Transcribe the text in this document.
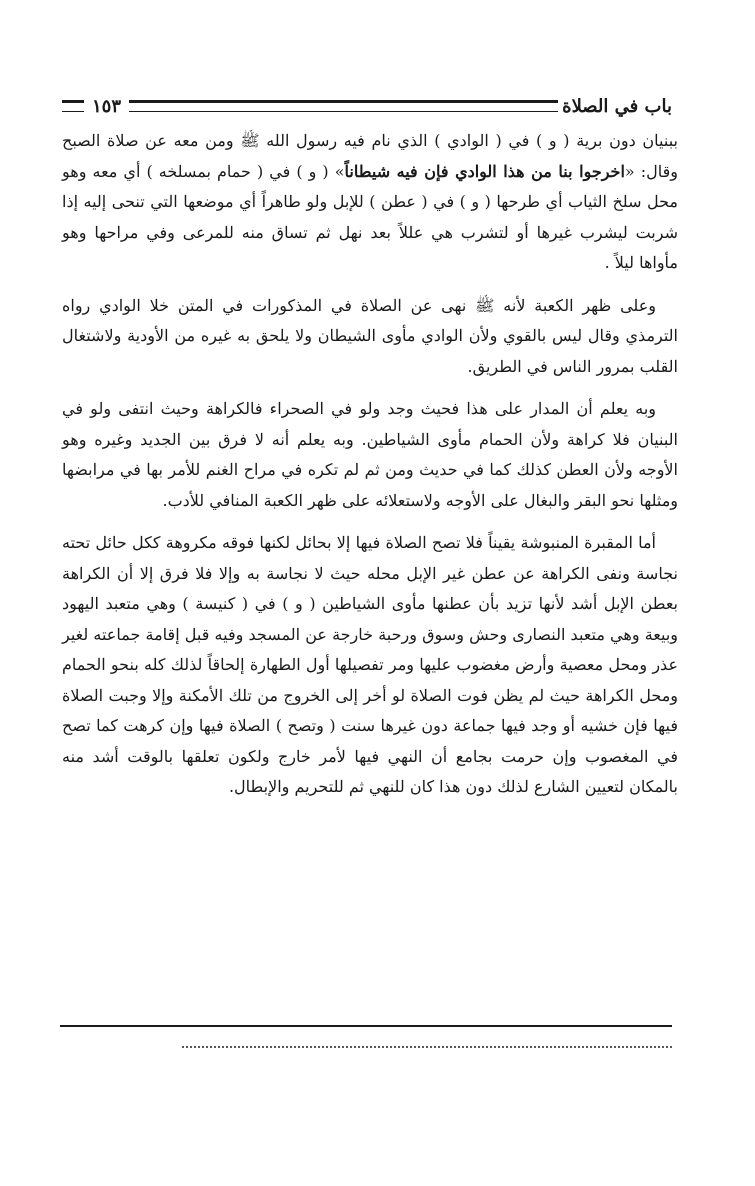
باب في الصلاة
١٥٣

ببنيان دون برية ( و ) في ( الوادي ) الذي نام فيه رسول الله ﷺ ومن معه عن صلاة الصبح وقال: «اخرجوا بنا من هذا الوادي فإن فيه شيطاناً» ( و ) في ( حمام بمسلخه ) أي معه وهو محل سلخ الثياب أي طرحها ( و ) في ( عطن ) للإبل ولو طاهراً أي موضعها التي تنحى إليه إذا شربت ليشرب غيرها أو لتشرب هي عللاً بعد نهل ثم تساق منه للمرعى وفي مراحها وهو مأواها ليلاً .

وعلى ظهر الكعبة لأنه ﷺ نهى عن الصلاة في المذكورات في المتن خلا الوادي رواه الترمذي وقال ليس بالقوي ولأن الوادي مأوى الشيطان ولا يلحق به غيره من الأودية ولاشتغال القلب بمرور الناس في الطريق.

وبه يعلم أن المدار على هذا فحيث وجد ولو في الصحراء فالكراهة وحيث انتفى ولو في البنيان فلا كراهة ولأن الحمام مأوى الشياطين. وبه يعلم أنه لا فرق بين الجديد وغيره وهو الأوجه ولأن العطن كذلك كما في حديث ومن ثم لم تكره في مراح الغنم للأمر بها في مرابضها ومثلها نحو البقر والبغال على الأوجه ولاستعلائه على ظهر الكعبة المنافي للأدب.

أما المقبرة المنبوشة يقيناً فلا تصح الصلاة فيها إلا بحائل لكنها فوقه مكروهة ككل حائل تحته نجاسة ونفى الكراهة عن عطن غير الإبل محله حيث لا نجاسة به وإلا فلا فرق إلا أن الكراهة بعطن الإبل أشد لأنها تزيد بأن عطنها مأوى الشياطين ( و ) في ( كنيسة ) وهي متعبد اليهود وبيعة وهي متعبد النصارى وحش وسوق ورحبة خارجة عن المسجد وفيه قبل إقامة جماعته لغير عذر ومحل معصية وأرض مغضوب عليها ومر تفصيلها أول الطهارة إلحاقاً لذلك كله بنحو الحمام ومحل الكراهة حيث لم يظن فوت الصلاة لو أخر إلى الخروج من تلك الأمكنة وإلا وجبت الصلاة فيها فإن خشيه أو وجد فيها جماعة دون غيرها سنت ( وتصح ) الصلاة فيها وإن كرهت كما تصح في المغصوب وإن حرمت بجامع أن النهي فيها لأمر خارج ولكون تعلقها بالوقت أشد منه بالمكان لتعيين الشارع لذلك دون هذا كان للنهي ثم للتحريم والإبطال.
